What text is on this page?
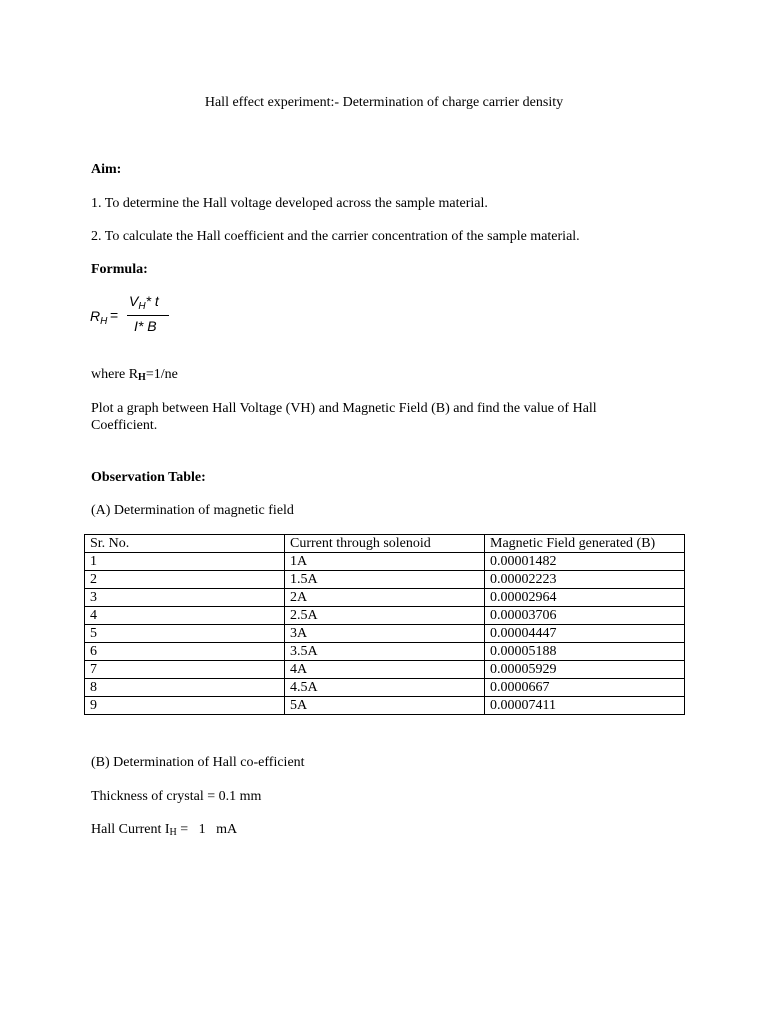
Hall effect experiment:- Determination of charge carrier density
Aim:
1. To determine the Hall voltage developed across the sample material.
2. To calculate the Hall coefficient and the carrier concentration of the sample material.
Formula:
$R_H$ =
$V_H*$ t
I* B
where $R_H=1/ne$
Plot a graph between Hall Voltage (VH) and Magnetic Field (B) and find the value of Hall
Coefficient.
Observation Table:
(A) Determination of magnetic field
Sr. No.	Current through solenoid	Magnetic Field generated (B)
1	1A	0.00001482
2	1.5A	0.00002223
3	2A	0.00002964
4	2.5A	0.00003706
5	3A	0.00004447
6	3.5A	0.00005188
7	4A	0.00005929
8	4.5A	0.0000667
9	5A	0.00007411
(B) Determination of Hall co-efficient
Thickness of crystal = 0.1 mm
Hall Current IH =   1   mA
